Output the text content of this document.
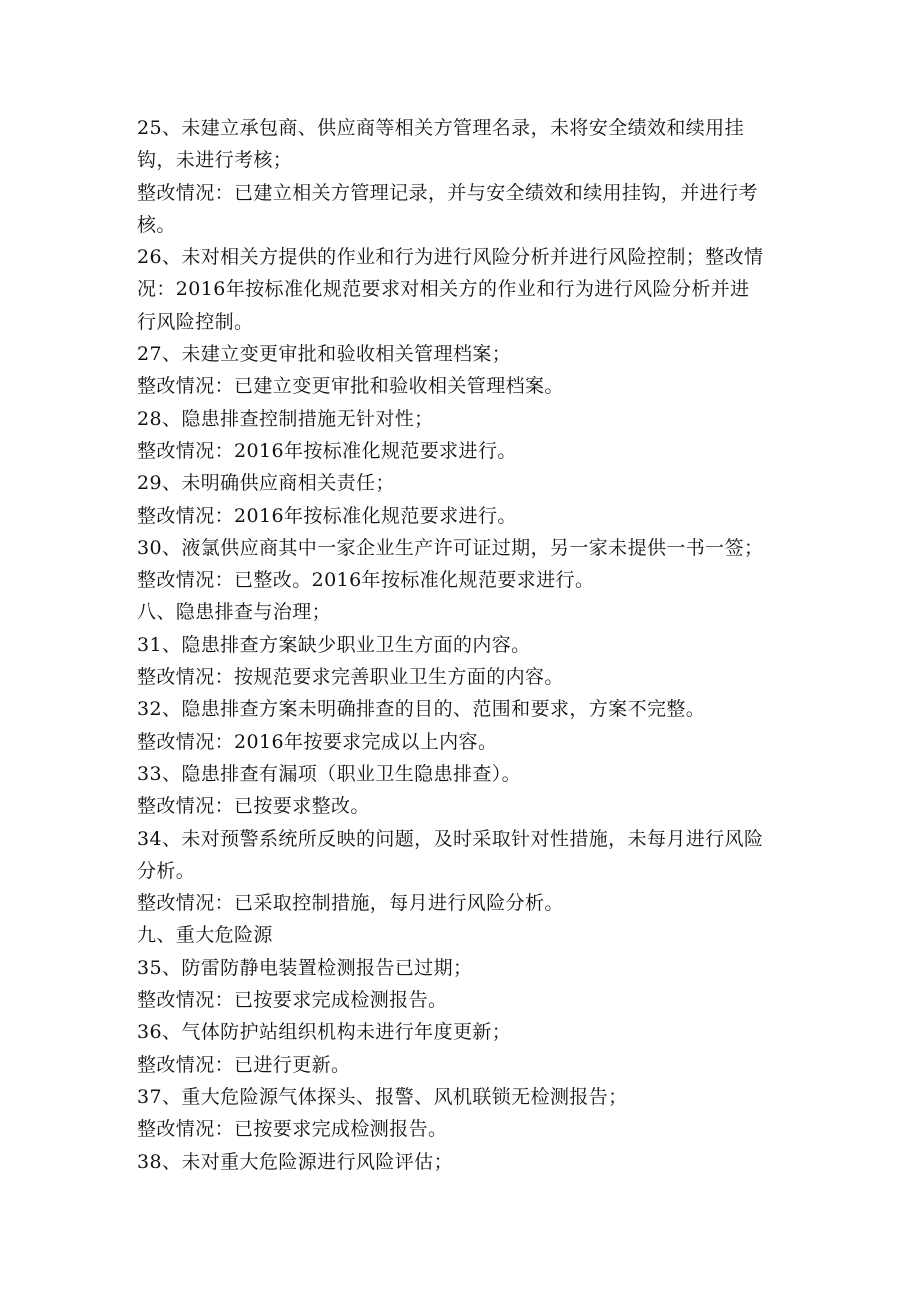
25、未建立承包商、供应商等相关方管理名录，未将安全绩效和续用挂
钩，未进行考核；
整改情况：已建立相关方管理记录，并与安全绩效和续用挂钩，并进行考
核。
26、未对相关方提供的作业和行为进行风险分析并进行风险控制；整改情
况：2016年按标准化规范要求对相关方的作业和行为进行风险分析并进
行风险控制。
27、未建立变更审批和验收相关管理档案；
整改情况：已建立变更审批和验收相关管理档案。
28、隐患排查控制措施无针对性；
整改情况：2016年按标准化规范要求进行。
29、未明确供应商相关责任；
整改情况：2016年按标准化规范要求进行。
30、液氯供应商其中一家企业生产许可证过期，另一家未提供一书一签；
整改情况：已整改。2016年按标准化规范要求进行。
八、隐患排查与治理；
31、隐患排查方案缺少职业卫生方面的内容。
整改情况：按规范要求完善职业卫生方面的内容。
32、隐患排查方案未明确排查的目的、范围和要求，方案不完整。
整改情况：2016年按要求完成以上内容。
33、隐患排查有漏项（职业卫生隐患排查）。
整改情况：已按要求整改。
34、未对预警系统所反映的问题，及时采取针对性措施，未每月进行风险
分析。
整改情况：已采取控制措施，每月进行风险分析。
九、重大危险源
35、防雷防静电装置检测报告已过期；
整改情况：已按要求完成检测报告。
36、气体防护站组织机构未进行年度更新；
整改情况：已进行更新。
37、重大危险源气体探头、报警、风机联锁无检测报告；
整改情况：已按要求完成检测报告。
38、未对重大危险源进行风险评估；
